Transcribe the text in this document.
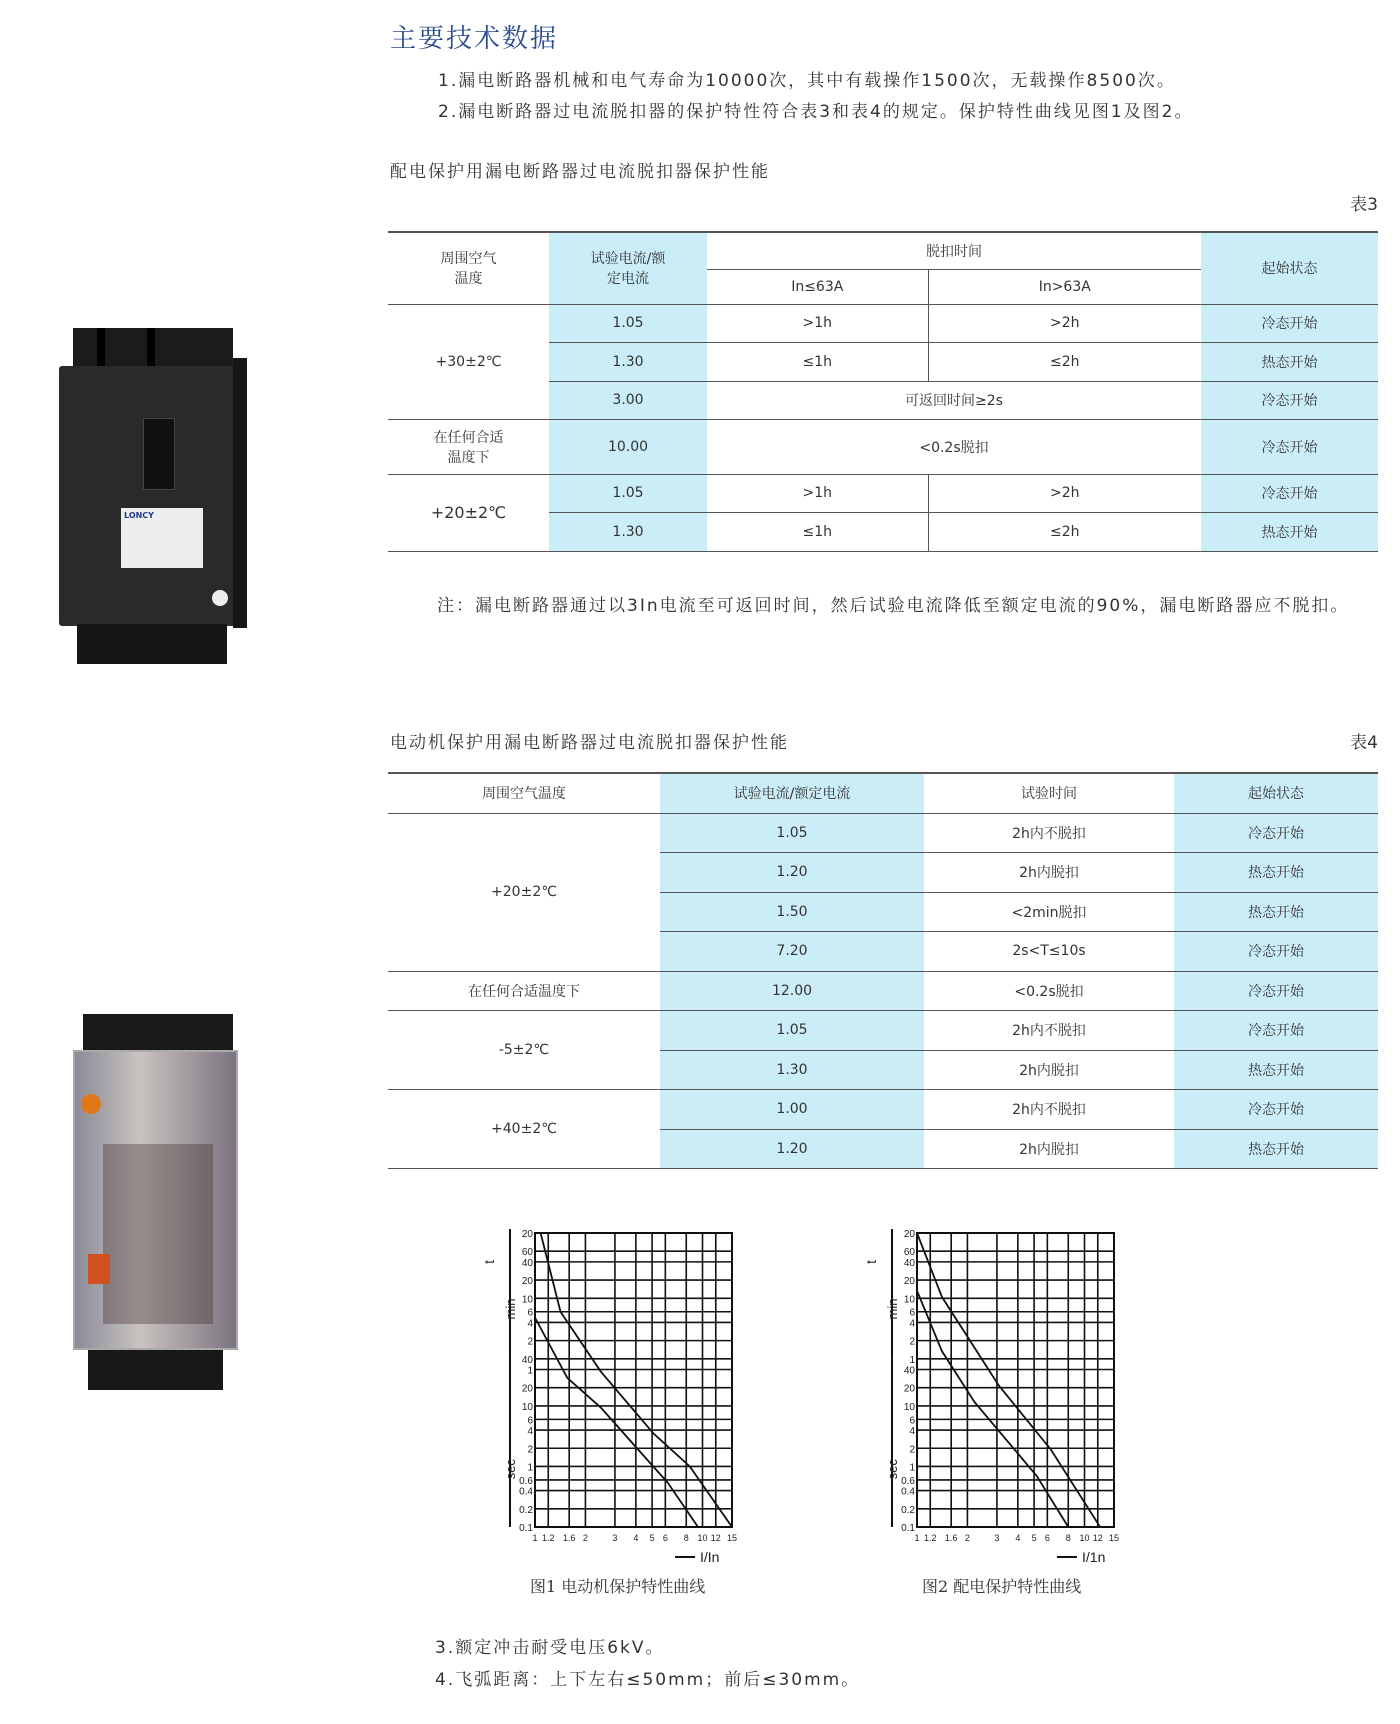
主要技术数据
1.漏电断路器机械和电气寿命为10000次，其中有载操作1500次，无载操作8500次。
2.漏电断路器过电流脱扣器的保护特性符合表3和表4的规定。保护特性曲线见图1及图2。
配电保护用漏电断路器过电流脱扣器保护性能
表3
周围空气温度	试验电流/额定电流	脱扣时间		起始状态
		In≤63A	In>63A	
+30±2℃	1.05	>1h	>2h	冷态开始
	1.30	≤1h	≤2h	热态开始
	3.00	可返回时间≥2s		冷态开始

在任何合适温度下	10.00	<0.2s脱扣		冷态开始
+20±2℃	1.05	>1h	>2h	冷态开始
	1.30	≤1h	≤2h	热态开始
注：漏电断路器通过以3In电流至可返回时间，然后试验电流降低至额定电流的90%，漏电断路器应不脱扣。
电动机保护用漏电断路器过电流脱扣器保护性能	表4
周围空气温度	试验电流/额定电流	试验时间	起始状态
+20±2℃	1.05	2h内不脱扣	冷态开始
	1.20	2h内脱扣	热态开始
	1.50	<2min脱扣	热态开始
	7.20	2s<T≤10s	冷态开始
在任何合适温度下	12.00	<0.2s脱扣	冷态开始
-5±2℃	1.05	2h内不脱扣	冷态开始
	1.30	2h内脱扣	热态开始
+40±2℃	1.00	2h内不脱扣	冷态开始
	1.20	2h内脱扣	热态开始
LONCY
1 1.2 1.6 2	3 4 5 6 8 10 12 15
20
60
40
20
10
6
4
2
40
1
20
10
6
4
2
1
0.6
0.4
0.2
0.1
min
sec
t
I/In
1 1.2 1.6 2	3 4 5 6 8 10 12 15
20
60
40
20
10
6
4
2
1
40
20
10
6
4
2
1
0.6
0.4
0.2
0.1
min
sec
t
I/1n
图1 电动机保护特性曲线	图2 配电保护特性曲线
3.额定冲击耐受电压6kV。
4.飞弧距离：上下左右≤50mm；前后≤30mm。
